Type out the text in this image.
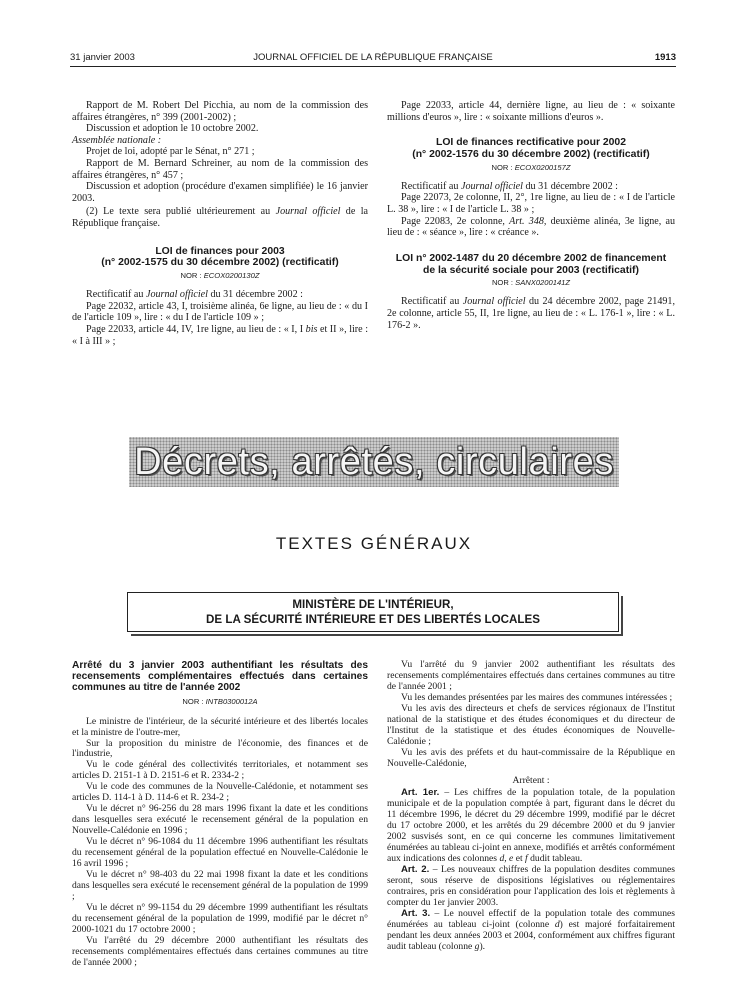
31 janvier 2003	JOURNAL OFFICIEL DE LA RÉPUBLIQUE FRANÇAISE	1913

Rapport de M. Robert Del Picchia, au nom de la commission des affaires étrangères, n° 399 (2001-2002) ;

Discussion et adoption le 10 octobre 2002.

Assemblée nationale :

Projet de loi, adopté par le Sénat, n° 271 ;

Rapport de M. Bernard Schreiner, au nom de la commission des affaires étrangères, n° 457 ;

Discussion et adoption (procédure d'examen simplifiée) le 16 janvier 2003.

(2) Le texte sera publié ultérieurement au Journal officiel de la République française.

LOI de finances pour 2003
(n° 2002-1575 du 30 décembre 2002) (rectificatif)
NOR : ECOX0200130Z

Rectificatif au Journal officiel du 31 décembre 2002 :

Page 22032, article 43, I, troisième alinéa, 6e ligne, au lieu de : « du I de l'article 109 », lire : « du I de l'article 109 » ;

Page 22033, article 44, IV, 1re ligne, au lieu de : « I, I bis et II », lire : « I à III » ;

Page 22033, article 44, dernière ligne, au lieu de : « soixante millions d'euros », lire : « soixante millions d'euros ».

LOI de finances rectificative pour 2002
(n° 2002-1576 du 30 décembre 2002) (rectificatif)
NOR : ECOX0200157Z

Rectificatif au Journal officiel du 31 décembre 2002 :

Page 22073, 2e colonne, II, 2°, 1re ligne, au lieu de : « I de l'article L. 38 », lire : « I de l'article L. 38 » ;

Page 22083, 2e colonne, Art. 348, deuxième alinéa, 3e ligne, au lieu de : « séance », lire : « créance ».

LOI n° 2002-1487 du 20 décembre 2002 de financement de la sécurité sociale pour 2003 (rectificatif)
NOR : SANX0200141Z

Rectificatif au Journal officiel du 24 décembre 2002, page 21491, 2e colonne, article 55, II, 1re ligne, au lieu de : « L. 176-1 », lire : « L. 176-2 ».

Décrets, arrêtés, circulaires
TEXTES GÉNÉRAUX
MINISTÈRE DE L'INTÉRIEUR,
DE LA SÉCURITÉ INTÉRIEURE ET DES LIBERTÉS LOCALES
Arrêté du 3 janvier 2003 authentifiant les résultats des recensements complémentaires effectués dans certaines communes au titre de l'année 2002
NOR : INTB0300012A

Le ministre de l'intérieur, de la sécurité intérieure et des libertés locales et la ministre de l'outre-mer,

Sur la proposition du ministre de l'économie, des finances et de l'industrie,

Vu le code général des collectivités territoriales, et notamment ses articles D. 2151-1 à D. 2151-6 et R. 2334-2 ;

Vu le code des communes de la Nouvelle-Calédonie, et notamment ses articles D. 114-1 à D. 114-6 et R. 234-2 ;

Vu le décret n° 96-256 du 28 mars 1996 fixant la date et les conditions dans lesquelles sera exécuté le recensement général de la population en Nouvelle-Calédonie en 1996 ;

Vu le décret n° 96-1084 du 11 décembre 1996 authentifiant les résultats du recensement général de la population effectué en Nouvelle-Calédonie le 16 avril 1996 ;

Vu le décret n° 98-403 du 22 mai 1998 fixant la date et les conditions dans lesquelles sera exécuté le recensement général de la population de 1999 ;

Vu le décret n° 99-1154 du 29 décembre 1999 authentifiant les résultats du recensement général de la population de 1999, modifié par le décret n° 2000-1021 du 17 octobre 2000 ;

Vu l'arrêté du 29 décembre 2000 authentifiant les résultats des recensements complémentaires effectués dans certaines communes au titre de l'année 2000 ;

Vu l'arrêté du 9 janvier 2002 authentifiant les résultats des recensements complémentaires effectués dans certaines communes au titre de l'année 2001 ;

Vu les demandes présentées par les maires des communes intéressées ;

Vu les avis des directeurs et chefs de services régionaux de l'Institut national de la statistique et des études économiques et du directeur de l'Institut de la statistique et des études économiques de Nouvelle-Calédonie ;

Vu les avis des préfets et du haut-commissaire de la République en Nouvelle-Calédonie,

Arrêtent :

Art. 1er. – Les chiffres de la population totale, de la population municipale et de la population comptée à part, figurant dans le décret du 11 décembre 1996, le décret du 29 décembre 1999, modifié par le décret du 17 octobre 2000, et les arrêtés du 29 décembre 2000 et du 9 janvier 2002 susvisés sont, en ce qui concerne les communes limitativement énumérées au tableau ci-joint en annexe, modifiés et arrêtés conformément aux indications des colonnes d, e et f dudit tableau.

Art. 2. – Les nouveaux chiffres de la population desdites communes seront, sous réserve de dispositions législatives ou réglementaires contraires, pris en considération pour l'application des lois et règlements à compter du 1er janvier 2003.

Art. 3. – Le nouvel effectif de la population totale des communes énumérées au tableau ci-joint (colonne d) est majoré forfaitairement pendant les deux années 2003 et 2004, conformément aux chiffres figurant audit tableau (colonne g).
